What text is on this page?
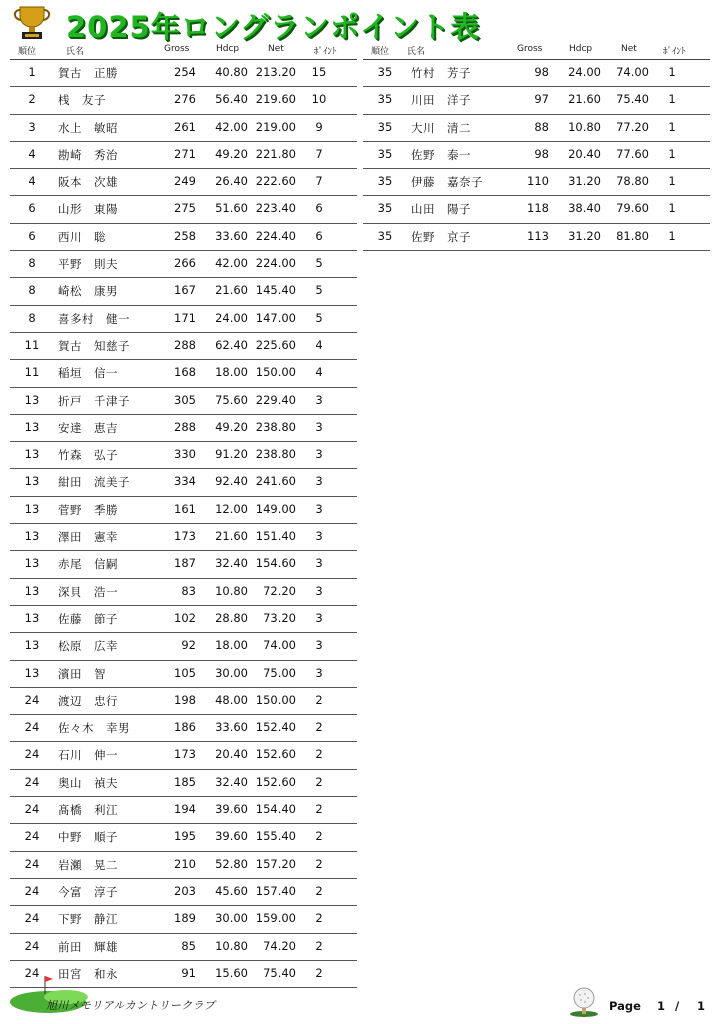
2025年ロングランポイント表
順位	氏名	Gross	Hdcp	Net	ﾎﾟｲﾝﾄ	順位 氏名	Gross	Hdcp	Net	ﾎﾟｲﾝﾄ
1	賀古　正勝	254	40.80 213.20	15
2	桟　友子	276	56.40 219.60	10
3	水上　敏昭	261	42.00 219.00	9
4	勘崎　秀治	271	49.20 221.80	7
4	阪本　次雄	249	26.40 222.60	7
6	山形　東陽	275	51.60 223.40	6
6	西川　聡	258	33.60 224.40	6
8	平野　則夫	266	42.00 224.00	5
8	崎松　康男	167	21.60 145.40	5
8	喜多村　健一	171	24.00 147.00	5
11	賀古　知慈子	288	62.40 225.60	4
11	稲垣　信一	168	18.00 150.00	4
13	折戸　千津子	305	75.60 229.40	3
13	安達　恵吉	288	49.20 238.80	3
13	竹森　弘子	330	91.20 238.80	3
13	紺田　流美子	334	92.40 241.60	3
13	菅野　季勝	161	12.00 149.00	3
13	澤田　憲幸	173	21.60 151.40	3
13	赤尾　信嗣	187	32.40 154.60	3
13	深貝　浩一	83	10.80	72.20	3
13	佐藤　節子	102	28.80	73.20	3
13	松原　広幸	92	18.00	74.00	3
13	濱田　智	105	30.00	75.00	3
24	渡辺　忠行	198	48.00 150.00	2
24	佐々木　幸男	186	33.60 152.40	2
24	石川　伸一	173	20.40 152.60	2
24	奥山　禎夫	185	32.40 152.60	2
24	髙橋　利江	194	39.60 154.40	2
24	中野　順子	195	39.60 155.40	2
24	岩瀬　晃二	210	52.80 157.20	2
24	今富　淳子	203	45.60 157.40	2
24	下野　静江	189	30.00 159.00	2
24	前田　輝雄	85	10.80	74.20	2
24	田宮　和永	91	15.60	75.40	2
35	竹村　芳子	98	24.00	74.00	1
35	川田　洋子	97	21.60	75.40	1
35	大川　清二	88	10.80	77.20	1
35	佐野　泰一	98	20.40	77.60	1
35	伊藤　嘉奈子	110	31.20	78.80	1
35	山田　陽子	118	38.40	79.60	1
35	佐野　京子	113	31.20	81.80	1
旭川メモリアルカントリークラブ	Page 1 / 1
